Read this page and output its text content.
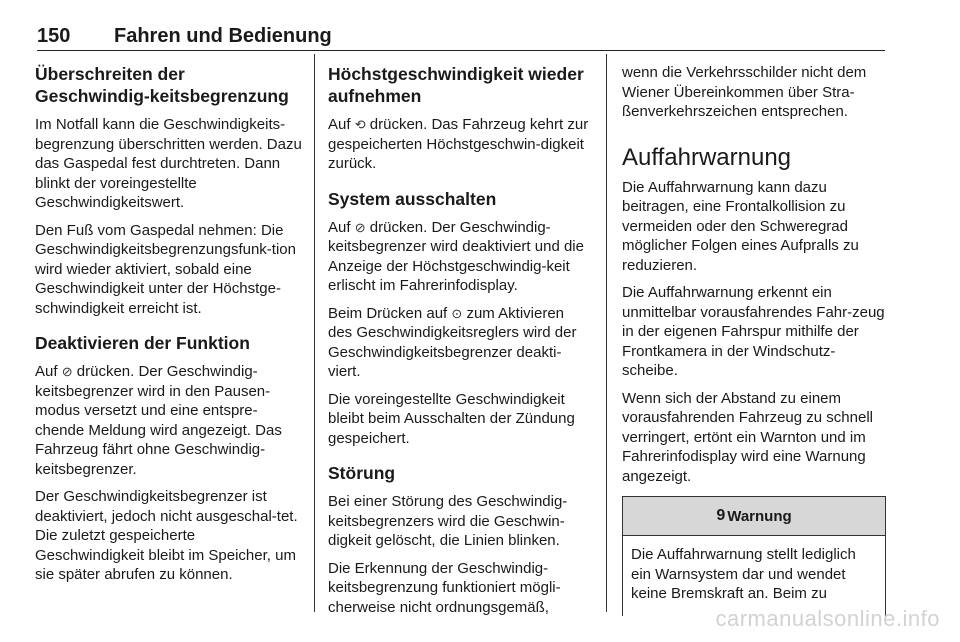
150 Fahren und Bedienung
Überschreiten der Geschwindig-keitsbegrenzung

Im Notfall kann die Geschwindigkeits-begrenzung überschritten werden. Dazu das Gaspedal fest durchtreten. Dann blinkt der voreingestellte Geschwindigkeitswert.

Den Fuß vom Gaspedal nehmen: Die Geschwindigkeitsbegrenzungsfunk-tion wird wieder aktiviert, sobald eine Geschwindigkeit unter der Höchstge-schwindigkeit erreicht ist.

Deaktivieren der Funktion

Auf ⊘ drücken. Der Geschwindig-keitsbegrenzer wird in den Pausen-modus versetzt und eine entspre-chende Meldung wird angezeigt. Das Fahrzeug fährt ohne Geschwindig-keitsbegrenzer.

Der Geschwindigkeitsbegrenzer ist deaktiviert, jedoch nicht ausgeschal-tet. Die zuletzt gespeicherte Geschwindigkeit bleibt im Speicher, um sie später abrufen zu können.

Höchstgeschwindigkeit wieder aufnehmen

Auf ⟲ drücken. Das Fahrzeug kehrt zur gespeicherten Höchstgeschwin-digkeit zurück.

System ausschalten

Auf ⊘ drücken. Der Geschwindig-keitsbegrenzer wird deaktiviert und die Anzeige der Höchstgeschwindig-keit erlischt im Fahrerinfodisplay.

Beim Drücken auf ⊙ zum Aktivieren des Geschwindigkeitsreglers wird der Geschwindigkeitsbegrenzer deakti-viert.

Die voreingestellte Geschwindigkeit bleibt beim Ausschalten der Zündung gespeichert.

Störung

Bei einer Störung des Geschwindig-keitsbegrenzers wird die Geschwin-digkeit gelöscht, die Linien blinken.

Die Erkennung der Geschwindig-keitsbegrenzung funktioniert mögli-cherweise nicht ordnungsgemäß,

wenn die Verkehrsschilder nicht dem Wiener Übereinkommen über Stra-ßenverkehrszeichen entsprechen.

Auffahrwarnung

Die Auffahrwarnung kann dazu beitragen, eine Frontalkollision zu vermeiden oder den Schweregrad möglicher Folgen eines Aufpralls zu reduzieren.

Die Auffahrwarnung erkennt ein unmittelbar vorausfahrendes Fahr-zeug in der eigenen Fahrspur mithilfe der Frontkamera in der Windschutz-scheibe.

Wenn sich der Abstand zu einem vorausfahrenden Fahrzeug zu schnell verringert, ertönt ein Warnton und im Fahrerinfodisplay wird eine Warnung angezeigt.

9 Warnung

Die Auffahrwarnung stellt lediglich ein Warnsystem dar und wendet keine Bremskraft an. Beim zu

carmanualsonline.info
